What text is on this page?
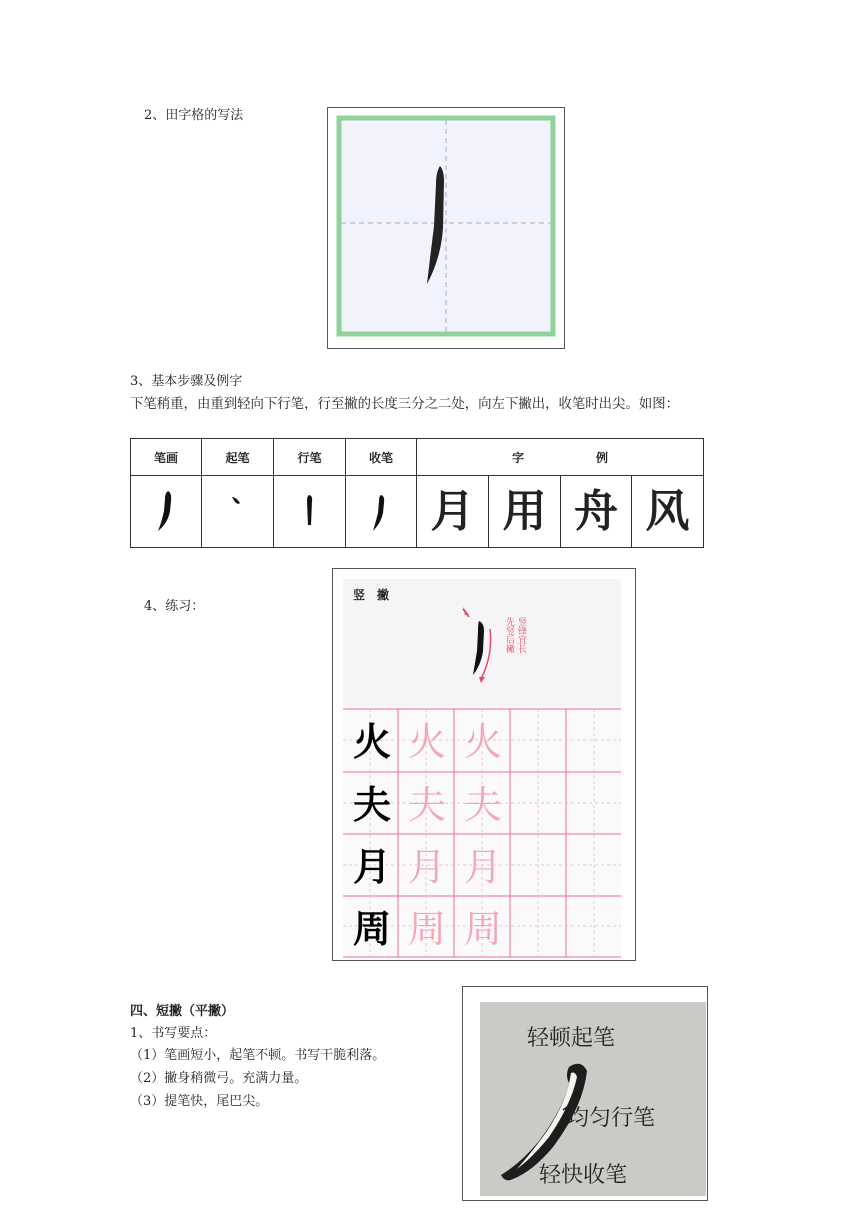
2、田字格的写法
3、基本步骤及例字
下笔稍重，由重到轻向下行笔，行至撇的长度三分之二处，向左下撇出，收笔时出尖。如图：
笔画	起笔	行笔	收笔	字 例			
				月	用	舟	风
4、练习：
竖　撇
先竖后撇 竖锋宜长
火 火 火
夫 夫 夫
月 月 月
周 周 周
四、短撇（平撇）
1、书写要点：
（1）笔画短小，起笔不顿。书写干脆利落。
（2）撇身稍微弓。充满力量。
（3）提笔快，尾巴尖。
轻顿起笔
均匀行笔
轻快收笔
